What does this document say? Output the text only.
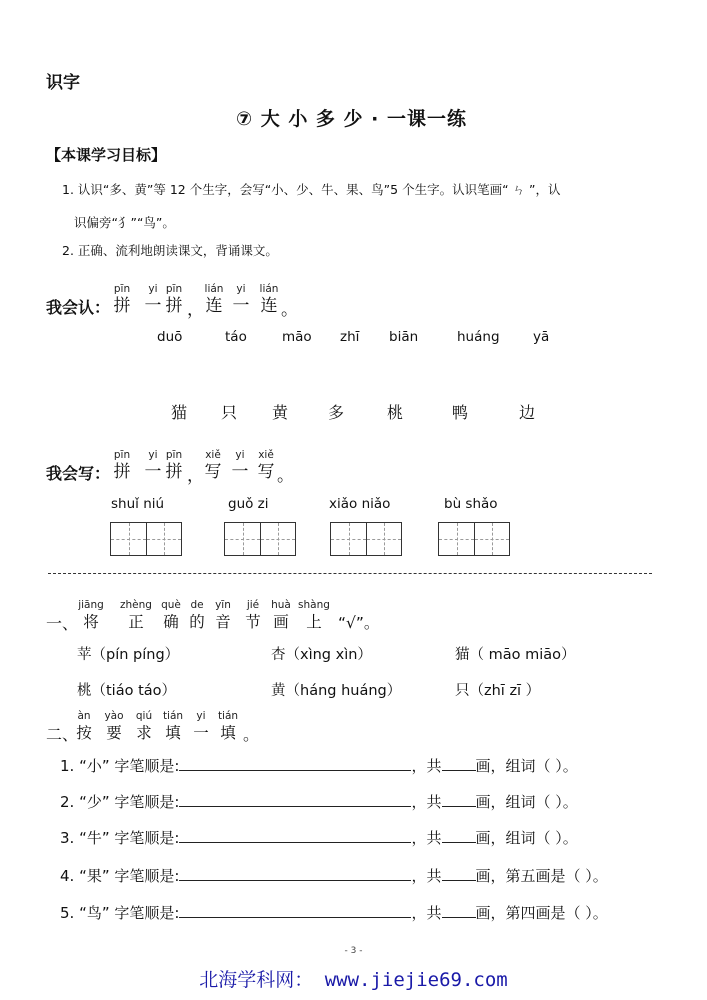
识字
⑦ 大 小 多 少 · 一课一练
【本课学习目标】
1. 认识“多、黄”等 12 个生字，会写“小、少、牛、果、鸟”5 个生字。认识笔画“ ㄣ ”，认
识偏旁“犭”“鸟”。
2. 正确、流利地朗读课文，背诵课文。
我会认：
pīn
拼
yi
一
pīn
拼 ，
lián
连
yi
一
lián
连 。
duō	táo	māo zhī biān	huáng yā
猫 只 黄 多	桃	鸭	边
我会写：
pīn
拼
yi
一
pīn
拼 ，
xiě
写
yi
一
xiě
写 。
shuǐ niú	guǒ zi	xiǎo niǎo	bù shǎo
一、
jiāng
将
zhèng
正
què
确
de
的
yīn
音
jié
节
huà
画
shàng
上	“√”。
苹（pín píng）	杏（xìng xìn）	猫（ māo miāo）
桃（tiáo táo）	黄（háng huáng）	只（zhī zī ）
二、
àn
按
yào
要
qiú
求
tián
填
yi
一
tián
填 。
1. “小” 字笔顺是:	，共 画，组词（ ）。
2. “少” 字笔顺是:	，共 画，组词（ ）。
3. “牛” 字笔顺是:	，共 画，组词（ ）。
4. “果” 字笔顺是:	，共 画，第五画是（ ）。
5. “鸟” 字笔顺是:	，共 画，第四画是（ ）。
- 3 -
北海学科网： www.jiejie69.com
